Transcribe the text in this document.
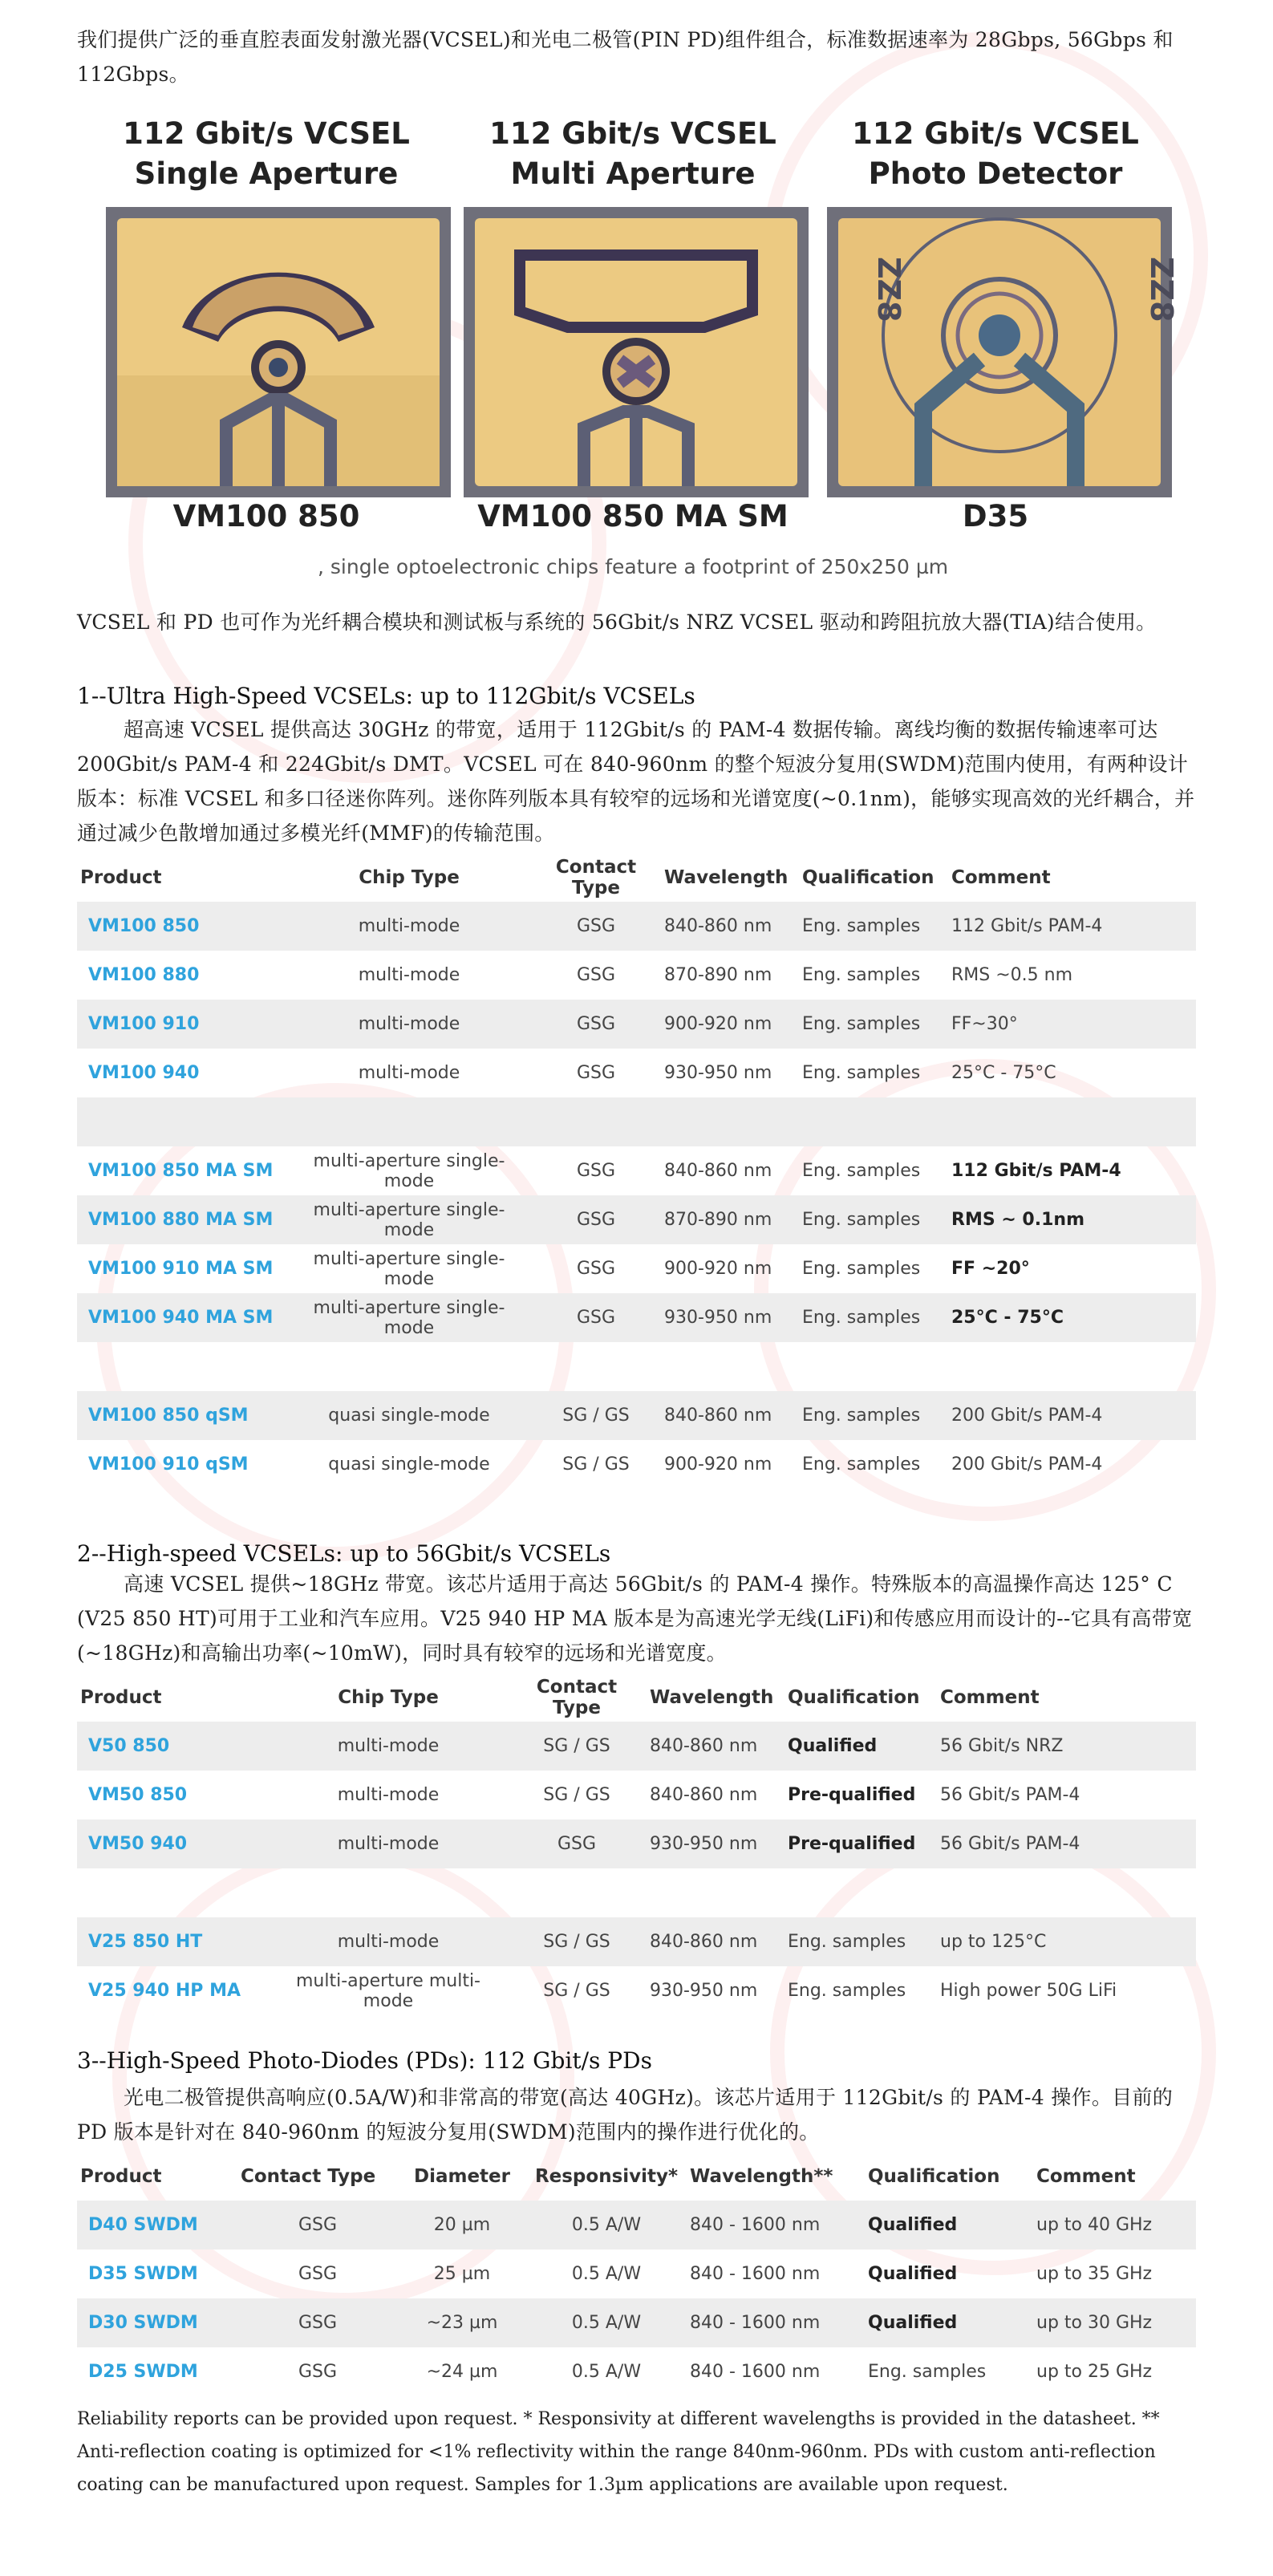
我们提供广泛的垂直腔表面发射激光器(VCSEL)和光电二极管(PIN PD)组件组合，标准数据速率为 28Gbps, 56Gbps 和 112Gbps。

112 Gbit/s VCSEL
Single Aperture
112 Gbit/s VCSEL
Multi Aperture
112 Gbit/s VCSEL
Photo Detector
ZZ8	ZZ8
VM100 850	VM100 850 MA SM	D35
, single optoelectronic chips feature a footprint of 250x250 µm

VCSEL 和 PD 也可作为光纤耦合模块和测试板与系统的 56Gbit/s NRZ VCSEL 驱动和跨阻抗放大器(TIA)结合使用。

1--Ultra High-Speed VCSELs: up to 112Gbit/s VCSELs

超高速 VCSEL 提供高达 30GHz 的带宽，适用于 112Gbit/s 的 PAM-4 数据传输。离线均衡的数据传输速率可达 200Gbit/s PAM-4 和 224Gbit/s DMT。VCSEL 可在 840-960nm 的整个短波分复用(SWDM)范围内使用，有两种设计版本：标准 VCSEL 和多口径迷你阵列。迷你阵列版本具有较窄的远场和光谱宽度(~0.1nm)，能够实现高效的光纤耦合，并通过减少色散增加通过多模光纤(MMF)的传输范围。

Product	Chip Type	Contact Type	Wavelength	Qualification	Comment
VM100 850	multi-mode	GSG	840-860 nm	Eng. samples	112 Gbit/s PAM-4
VM100 880	multi-mode	GSG	870-890 nm	Eng. samples	RMS ~0.5 nm
VM100 910	multi-mode	GSG	900-920 nm	Eng. samples	FF~30°
VM100 940	multi-mode	GSG	930-950 nm	Eng. samples	25°C - 75°C

VM100 850 MA SM	multi-aperture single-mode	GSG	840-860 nm	Eng. samples	112 Gbit/s PAM-4
VM100 880 MA SM	multi-aperture single-mode	GSG	870-890 nm	Eng. samples	RMS ~ 0.1nm
VM100 910 MA SM	multi-aperture single-mode	GSG	900-920 nm	Eng. samples	FF ~20°
VM100 940 MA SM	multi-aperture single-mode	GSG	930-950 nm	Eng. samples	25°C - 75°C

VM100 850 qSM	quasi single-mode	SG / GS	840-860 nm	Eng. samples	200 Gbit/s PAM-4
VM100 910 qSM	quasi single-mode	SG / GS	900-920 nm	Eng. samples	200 Gbit/s PAM-4
2--High-speed VCSELs: up to 56Gbit/s VCSELs

高速 VCSEL 提供~18GHz 带宽。该芯片适用于高达 56Gbit/s 的 PAM-4 操作。特殊版本的高温操作高达 125° C (V25 850 HT)可用于工业和汽车应用。V25 940 HP MA 版本是为高速光学无线(LiFi)和传感应用而设计的--它具有高带宽(~18GHz)和高输出功率(~10mW)，同时具有较窄的远场和光谱宽度。

Product	Chip Type	Contact Type	Wavelength	Qualification	Comment
V50 850	multi-mode	SG / GS	840-860 nm	Qualified	56 Gbit/s NRZ
VM50 850	multi-mode	SG / GS	840-860 nm	Pre-qualified	56 Gbit/s PAM-4
VM50 940	multi-mode	GSG	930-950 nm	Pre-qualified	56 Gbit/s PAM-4

V25 850 HT	multi-mode	SG / GS	840-860 nm	Eng. samples	up to 125°C
V25 940 HP MA	multi-aperture multi-mode	SG / GS	930-950 nm	Eng. samples	High power 50G LiFi
3--High-Speed Photo-Diodes (PDs): 112 Gbit/s PDs

光电二极管提供高响应(0.5A/W)和非常高的带宽(高达 40GHz)。该芯片适用于 112Gbit/s 的 PAM-4 操作。目前的 PD 版本是针对在 840-960nm 的短波分复用(SWDM)范围内的操作进行优化的。

Product	Contact Type	Diameter	Responsivity*	Wavelength**	Qualification	Comment
D40 SWDM	GSG	20 µm	0.5 A/W	840 - 1600 nm	Qualified	up to 40 GHz
D35 SWDM	GSG	25 µm	0.5 A/W	840 - 1600 nm	Qualified	up to 35 GHz
D30 SWDM	GSG	~23 µm	0.5 A/W	840 - 1600 nm	Qualified	up to 30 GHz
D25 SWDM	GSG	~24 µm	0.5 A/W	840 - 1600 nm	Eng. samples	up to 25 GHz

Reliability reports can be provided upon request. * Responsivity at different wavelengths is provided in the datasheet. ** Anti-reflection coating is optimized for <1% reflectivity within the range 840nm-960nm. PDs with custom anti-reflection coating can be manufactured upon request. Samples for 1.3µm applications are available upon request.
